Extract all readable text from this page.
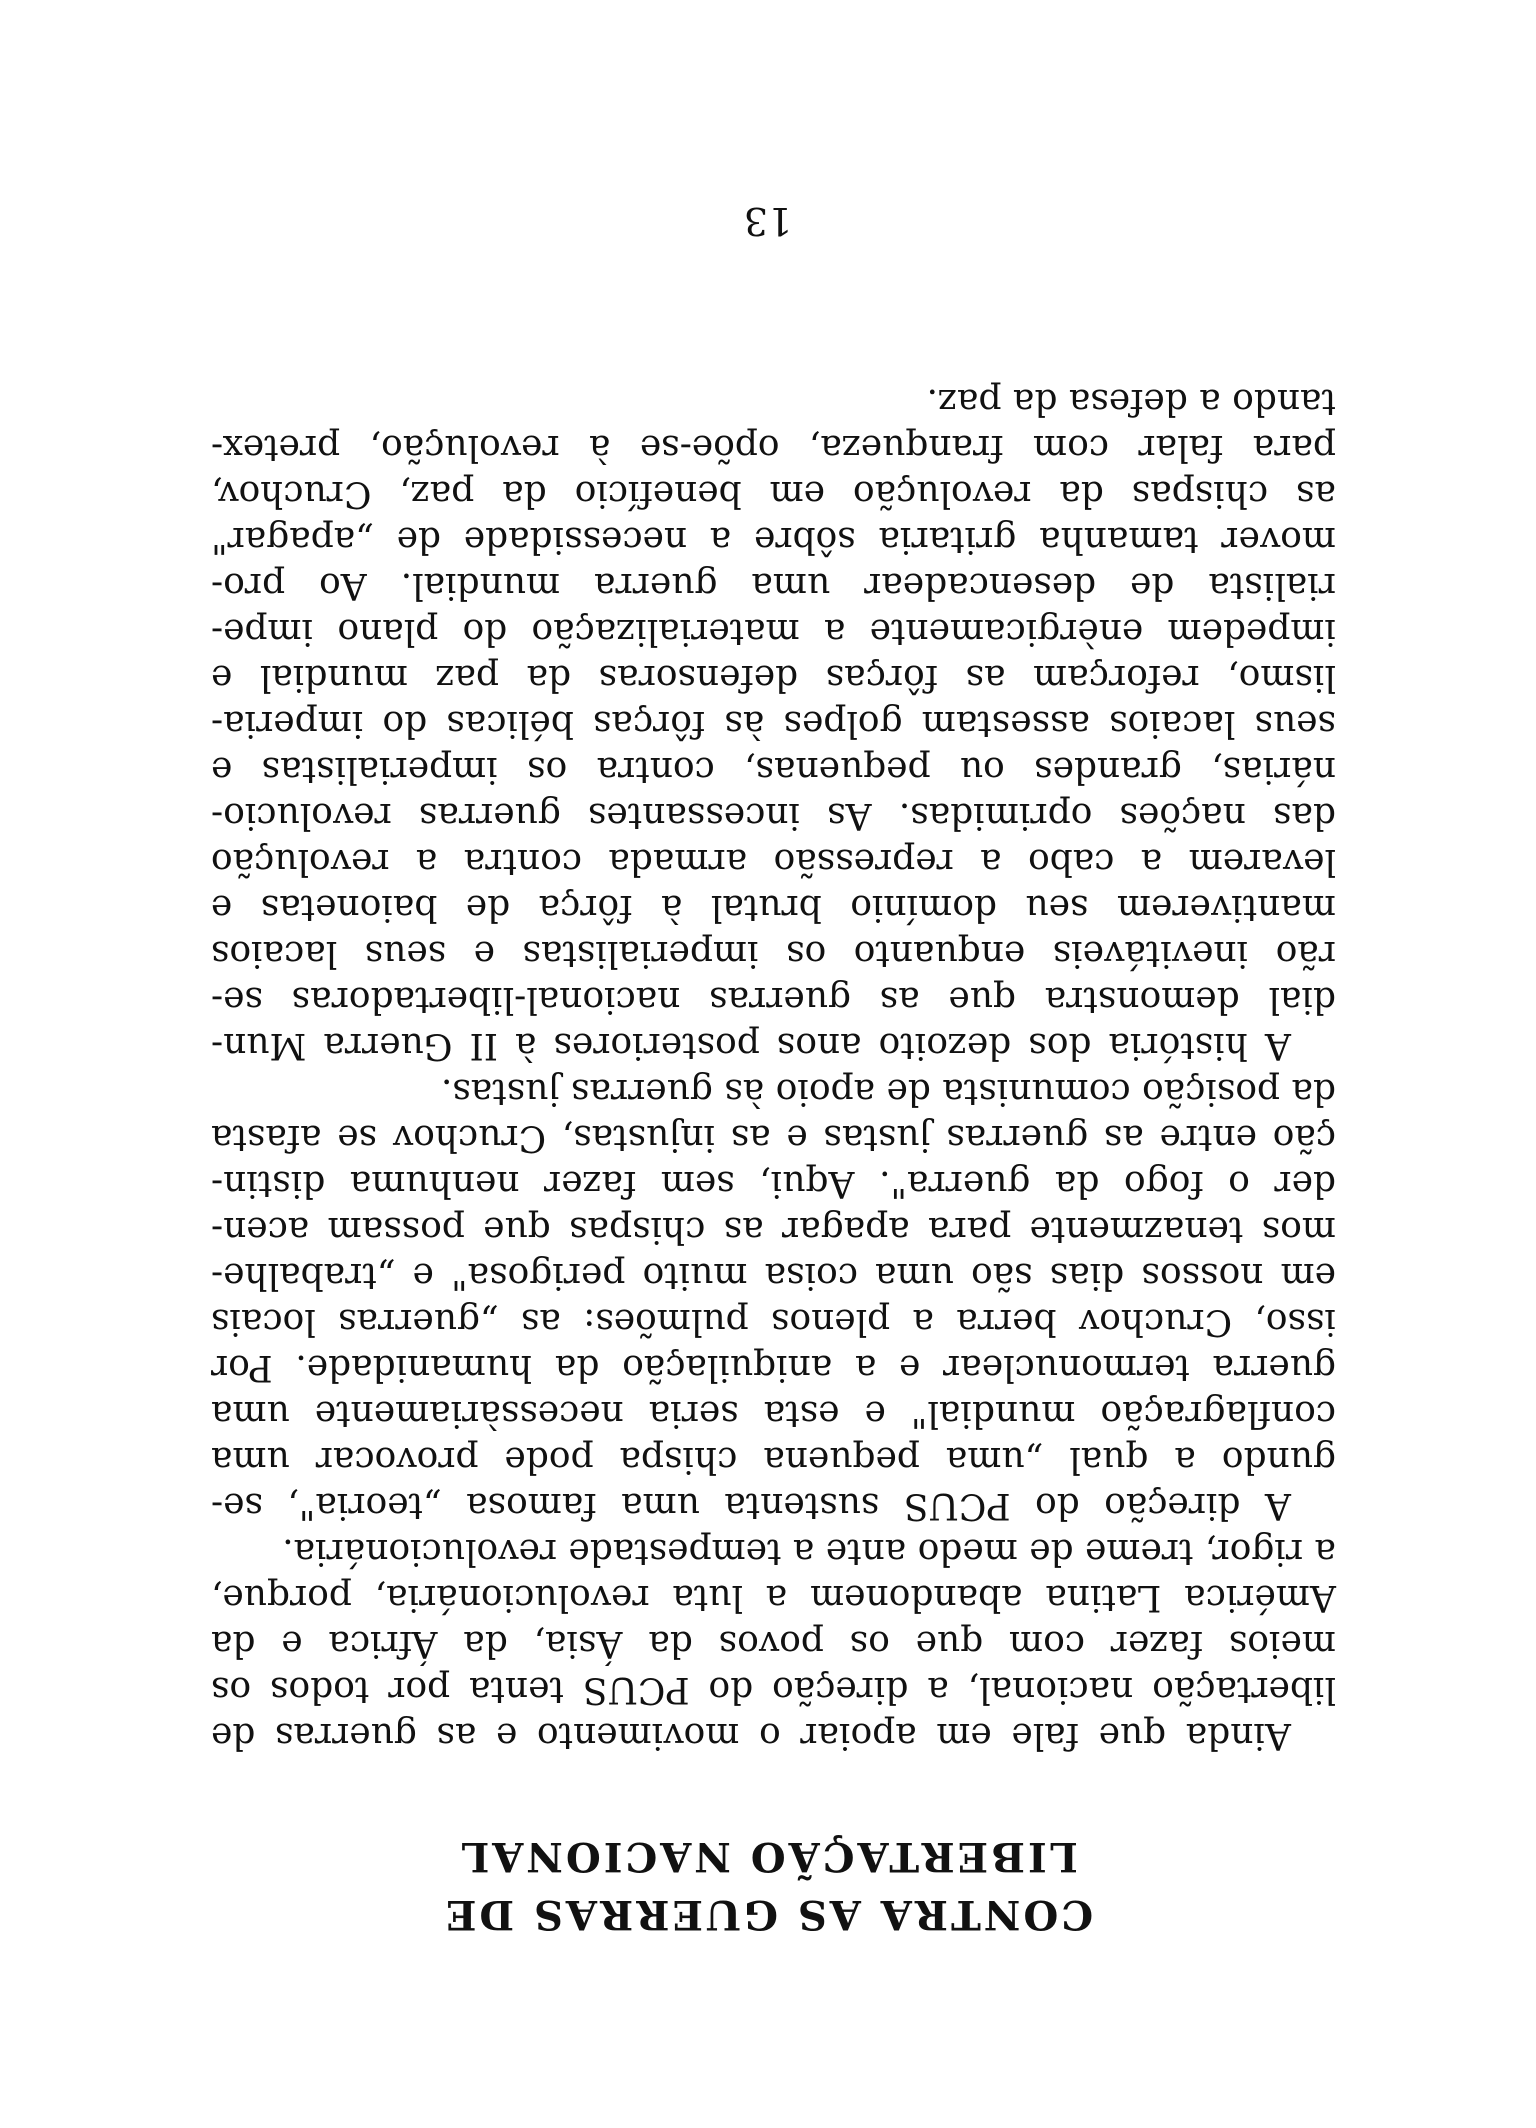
CONTRA AS GUERRAS DE
LIBERTAÇÃO NACIONAL
Ainda que fale em apoiar o movimento e as guerras de
libertação nacional, a direção do PCUS tenta por todos os
meios fazer com que os povos da Ásia, da África e da
América Latina abandonem a luta revolucionária, porque,
a rigor, treme de medo ante a tempestade revolucionária.
A direção do PCUS sustenta uma famosa „teoria", se-
gundo a qual „uma pequena chispa pode provocar uma
conflagração mundial" e esta seria necessàriamente uma
guerra termonuclear e a aniquilação da humanidade. Por
isso, Cruchov berra a plenos pulmões: as „guerras locais
em nossos dias são uma coisa muito perigosa" e „trabalhe-
mos tenazmente para apagar as chispas que possam acen-
der o fogo da guerra". Aqui, sem fazer nenhuma distin-
ção entre as guerras justas e as injustas, Cruchov se afasta
da posição comunista de apoio às guerras justas.
A história dos dezoito anos posteriores à II Guerra Mun-
dial demonstra que as guerras nacional-libertadoras se-
rão inevitáveis enquanto os imperialistas e seus lacaios
mantiverem seu domínio brutal à fôrça de baionetas e
levarem a cabo a repressão armada contra a revolução
das nações oprimidas. As incessantes guerras revolucio-
nárias, grandes ou pequenas, contra os imperialistas e
seus lacaios assestam golpes às fôrças bélicas do imperia-
lismo, reforçam as fôrças defensoras da paz mundial e
impedem enèrgicamente a materialização do plano impe-
rialista de desencadear uma guerra mundial. Ao pro-
mover tamanha gritaria sôbre a necessidade de „apagar"
as chispas da revolução em benefício da paz, Cruchov,
para falar com franqueza, opõe-se à revolução, pretex-
tando a defesa da paz.
13
